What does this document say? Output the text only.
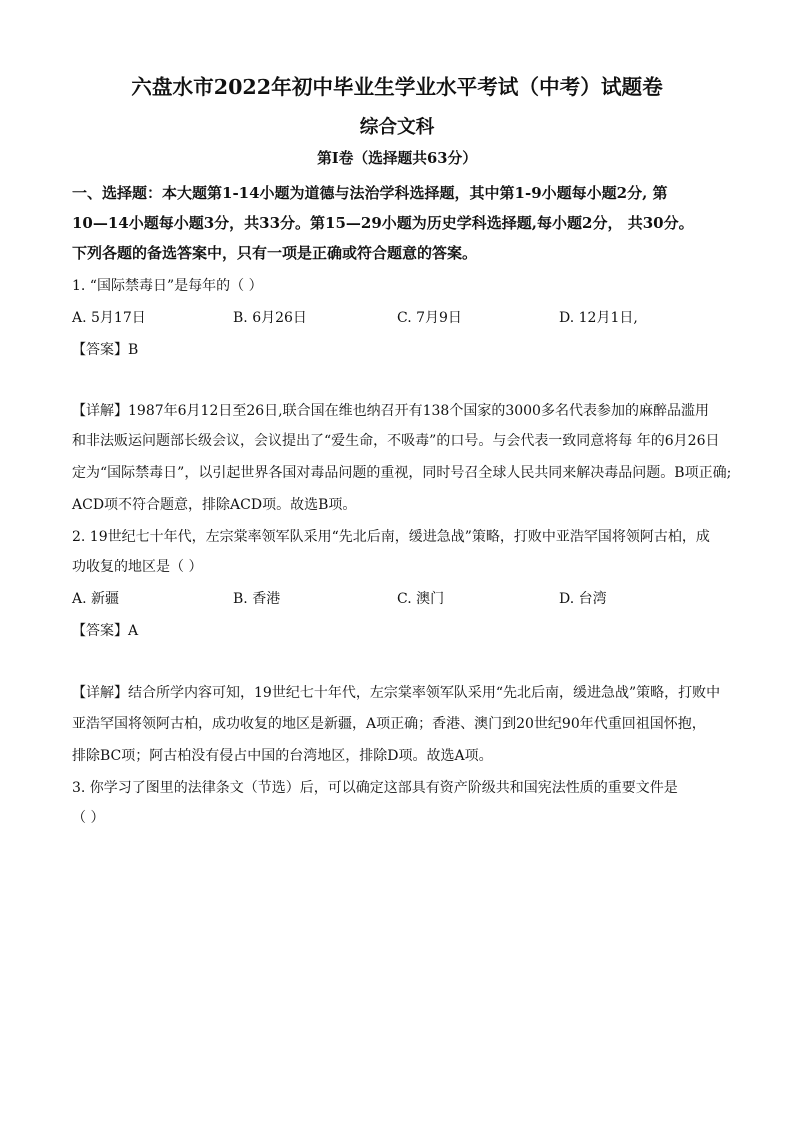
六盘水市2022年初中毕业生学业水平考试（中考）试题卷
综合文科
第I卷（选择题共63分）
一、选择题：本大题第1-14小题为道德与法治学科选择题，其中第1-9小题每小题2分, 第
10—14小题每小题3分，共33分。第15—29小题为历史学科选择题,每小题2分， 共30分。
下列各题的备选答案中，只有一项是正确或符合题意的答案。
1. “国际禁毒日”是每年的（ ）
A. 5月17日	B. 6月26日	C. 7月9日	D. 12月1日,
【答案】B
【详解】1987年6月12日至26日,联合国在维也纳召开有138个国家的3000多名代表参加的麻醉品滥用
和非法贩运问题部长级会议，会议提出了“爱生命，不吸毒”的口号。与会代表一致同意将每 年的6月26日
定为“国际禁毒日”，以引起世界各国对毒品问题的重视，同时号召全球人民共同来解决毒品问题。B项正确;
ACD项不符合题意，排除ACD项。故选B项。
2. 19世纪七十年代，左宗棠率领军队采用“先北后南，缓进急战”策略，打败中亚浩罕国将领阿古柏，成
功收复的地区是（ ）
A. 新疆	B. 香港	C. 澳门	D. 台湾
【答案】A
【详解】结合所学内容可知，19世纪七十年代，左宗棠率领军队采用“先北后南，缓进急战”策略，打败中
亚浩罕国将领阿古柏，成功收复的地区是新疆，A项正确；香港、澳门到20世纪90年代重回祖国怀抱，
排除BC项；阿古柏没有侵占中国的台湾地区，排除D项。故选A项。
3. 你学习了图里的法律条文（节选）后，可以确定这部具有资产阶级共和国宪法性质的重要文件是
（ ）
